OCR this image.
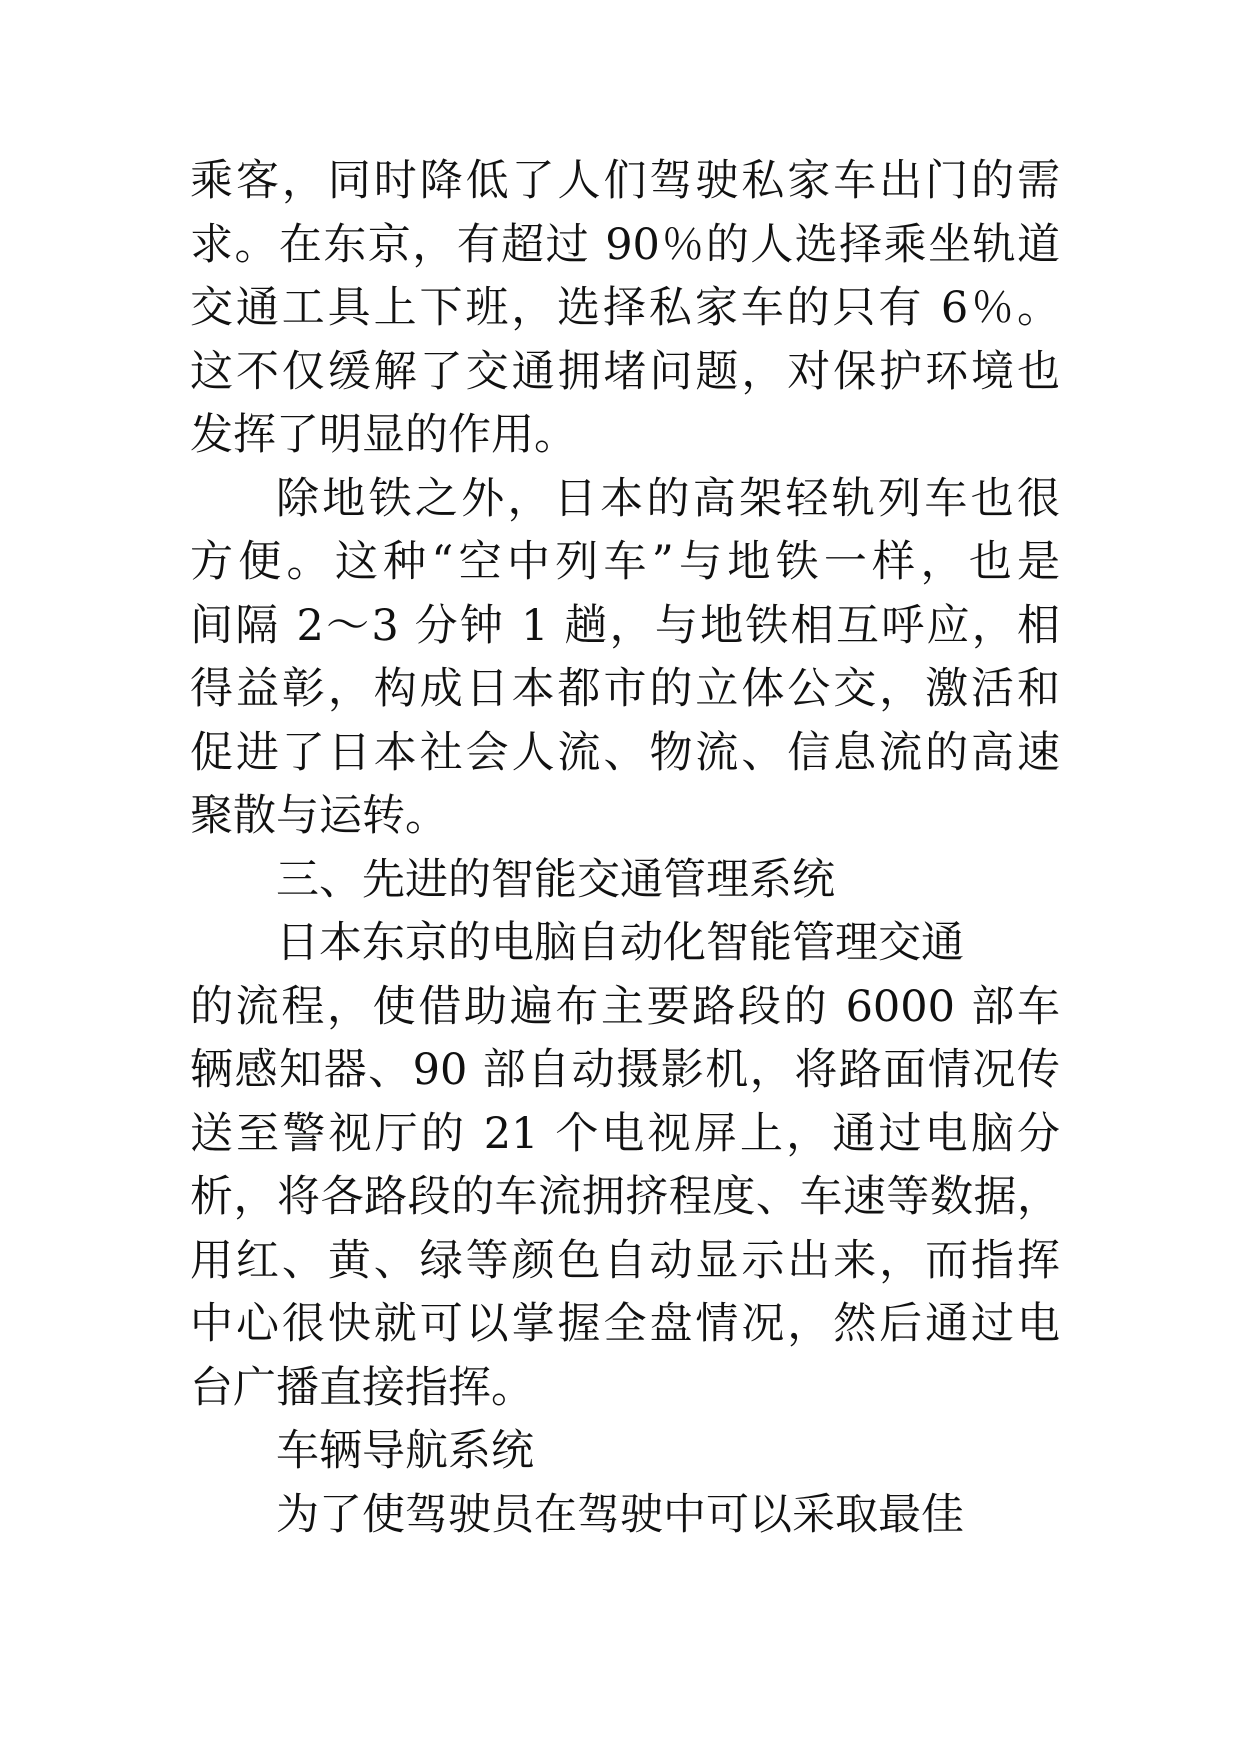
乘客，同时降低了人们驾驶私家车出门的需
求。在东京，有超过 90％的人选择乘坐轨道
交通工具上下班，选择私家车的只有 6％。
这不仅缓解了交通拥堵问题，对保护环境也
发挥了明显的作用。
除地铁之外，日本的高架轻轨列车也很
方便。这种“空中列车”与地铁一样，也是
间隔 2～3 分钟 1 趟，与地铁相互呼应，相
得益彰，构成日本都市的立体公交，激活和
促进了日本社会人流、物流、信息流的高速
聚散与运转。
三、先进的智能交通管理系统
日本东京的电脑自动化智能管理交通
的流程，使借助遍布主要路段的 6000 部车
辆感知器、90 部自动摄影机，将路面情况传
送至警视厅的 21 个电视屏上，通过电脑分
析，将各路段的车流拥挤程度、车速等数据，
用红、黄、绿等颜色自动显示出来，而指挥
中心很快就可以掌握全盘情况，然后通过电
台广播直接指挥。
车辆导航系统
为了使驾驶员在驾驶中可以采取最佳
